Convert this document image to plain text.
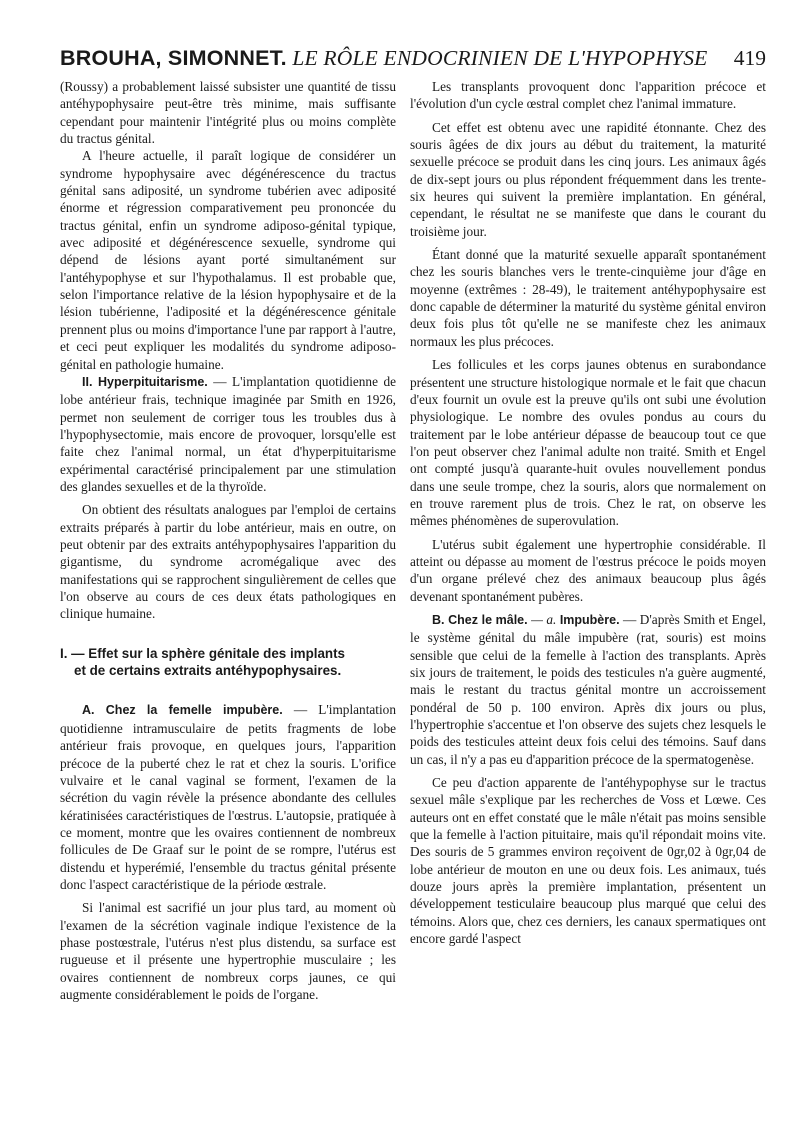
BROUHA, SIMONNET. LE RÔLE ENDOCRINIEN DE L'HYPOPHYSE 419

(Roussy) a probablement laissé subsister une quantité de tissu antéhypophysaire peut-être très minime, mais suffisante cependant pour maintenir l'intégrité plus ou moins complète du tractus génital.

A l'heure actuelle, il paraît logique de considérer un syndrome hypophysaire avec dégénérescence du tractus génital sans adiposité, un syndrome tubérien avec adiposité énorme et régression comparativement peu prononcée du tractus génital, enfin un syndrome adiposo-génital typique, avec adiposité et dégénérescence sexuelle, syndrome qui dépend de lésions ayant porté simultanément sur l'antéhypophyse et sur l'hypothalamus. Il est probable que, selon l'importance relative de la lésion hypophysaire et de la lésion tubérienne, l'adiposité et la dégénérescence génitale prennent plus ou moins d'importance l'une par rapport à l'autre, et ceci peut expliquer les modalités du syndrome adiposo-génital en pathologie humaine.

II. Hyperpituitarisme. — L'implantation quotidienne de lobe antérieur frais, technique imaginée par Smith en 1926, permet non seulement de corriger tous les troubles dus à l'hypophysectomie, mais encore de provoquer, lorsqu'elle est faite chez l'animal normal, un état d'hyperpituitarisme expérimental caractérisé principalement par une stimulation des glandes sexuelles et de la thyroïde.

On obtient des résultats analogues par l'emploi de certains extraits préparés à partir du lobe antérieur, mais en outre, on peut obtenir par des extraits antéhypophysaires l'apparition du gigantisme, du syndrome acromégalique avec des manifestations qui se rapprochent singulièrement de celles que l'on observe au cours de ces deux états pathologiques en clinique humaine.

I. — Effet sur la sphère génitale des implants
et de certains extraits antéhypophysaires.

A. Chez la femelle impubère. — L'implantation quotidienne intramusculaire de petits fragments de lobe antérieur frais provoque, en quelques jours, l'apparition précoce de la puberté chez le rat et chez la souris. L'orifice vulvaire et le canal vaginal se forment, l'examen de la sécrétion du vagin révèle la présence abondante des cellules kératinisées caractéristiques de l'œstrus. L'autopsie, pratiquée à ce moment, montre que les ovaires contiennent de nombreux follicules de De Graaf sur le point de se rompre, l'utérus est distendu et hyperémié, l'ensemble du tractus génital présente donc l'aspect caractéristique de la période œstrale.

Si l'animal est sacrifié un jour plus tard, au moment où l'examen de la sécrétion vaginale indique l'existence de la phase postœstrale, l'utérus n'est plus distendu, sa surface est rugueuse et il présente une hypertrophie musculaire ; les ovaires contiennent de nombreux corps jaunes, ce qui augmente considérablement le poids de l'organe.

Les transplants provoquent donc l'apparition précoce et l'évolution d'un cycle œstral complet chez l'animal immature.

Cet effet est obtenu avec une rapidité étonnante. Chez des souris âgées de dix jours au début du traitement, la maturité sexuelle précoce se produit dans les cinq jours. Les animaux âgés de dix-sept jours ou plus répondent fréquemment dans les trente-six heures qui suivent la première implantation. En général, cependant, le résultat ne se manifeste que dans le courant du troisième jour.

Étant donné que la maturité sexuelle apparaît spontanément chez les souris blanches vers le trente-cinquième jour d'âge en moyenne (extrêmes : 28-49), le traitement antéhypophysaire est donc capable de déterminer la maturité du système génital environ deux fois plus tôt qu'elle ne se manifeste chez les animaux normaux les plus précoces.

Les follicules et les corps jaunes obtenus en surabondance présentent une structure histologique normale et le fait que chacun d'eux fournit un ovule est la preuve qu'ils ont subi une évolution physiologique. Le nombre des ovules pondus au cours du traitement par le lobe antérieur dépasse de beaucoup tout ce que l'on peut observer chez l'animal adulte non traité. Smith et Engel ont compté jusqu'à quarante-huit ovules nouvellement pondus dans une seule trompe, chez la souris, alors que normalement on en trouve rarement plus de trois. Chez le rat, on observe les mêmes phénomènes de superovulation.

L'utérus subit également une hypertrophie considérable. Il atteint ou dépasse au moment de l'œstrus précoce le poids moyen d'un organe prélevé chez des animaux beaucoup plus âgés devenant spontanément pubères.

B. Chez le mâle. — a. Impubère. — D'après Smith et Engel, le système génital du mâle impubère (rat, souris) est moins sensible que celui de la femelle à l'action des transplants. Après six jours de traitement, le poids des testicules n'a guère augmenté, mais le restant du tractus génital montre un accroissement pondéral de 50 p. 100 environ. Après dix jours ou plus, l'hypertrophie s'accentue et l'on observe des sujets chez lesquels le poids des testicules atteint deux fois celui des témoins. Sauf dans un cas, il n'y a pas eu d'apparition précoce de la spermatogenèse.

Ce peu d'action apparente de l'antéhypophyse sur le tractus sexuel mâle s'explique par les recherches de Voss et Lœwe. Ces auteurs ont en effet constaté que le mâle n'était pas moins sensible que la femelle à l'action pituitaire, mais qu'il répondait moins vite. Des souris de 5 grammes environ reçoivent de 0gr,02 à 0gr,04 de lobe antérieur de mouton en une ou deux fois. Les animaux, tués douze jours après la première implantation, présentent un développement testiculaire beaucoup plus marqué que celui des témoins. Alors que, chez ces derniers, les canaux spermatiques ont encore gardé l'aspect
